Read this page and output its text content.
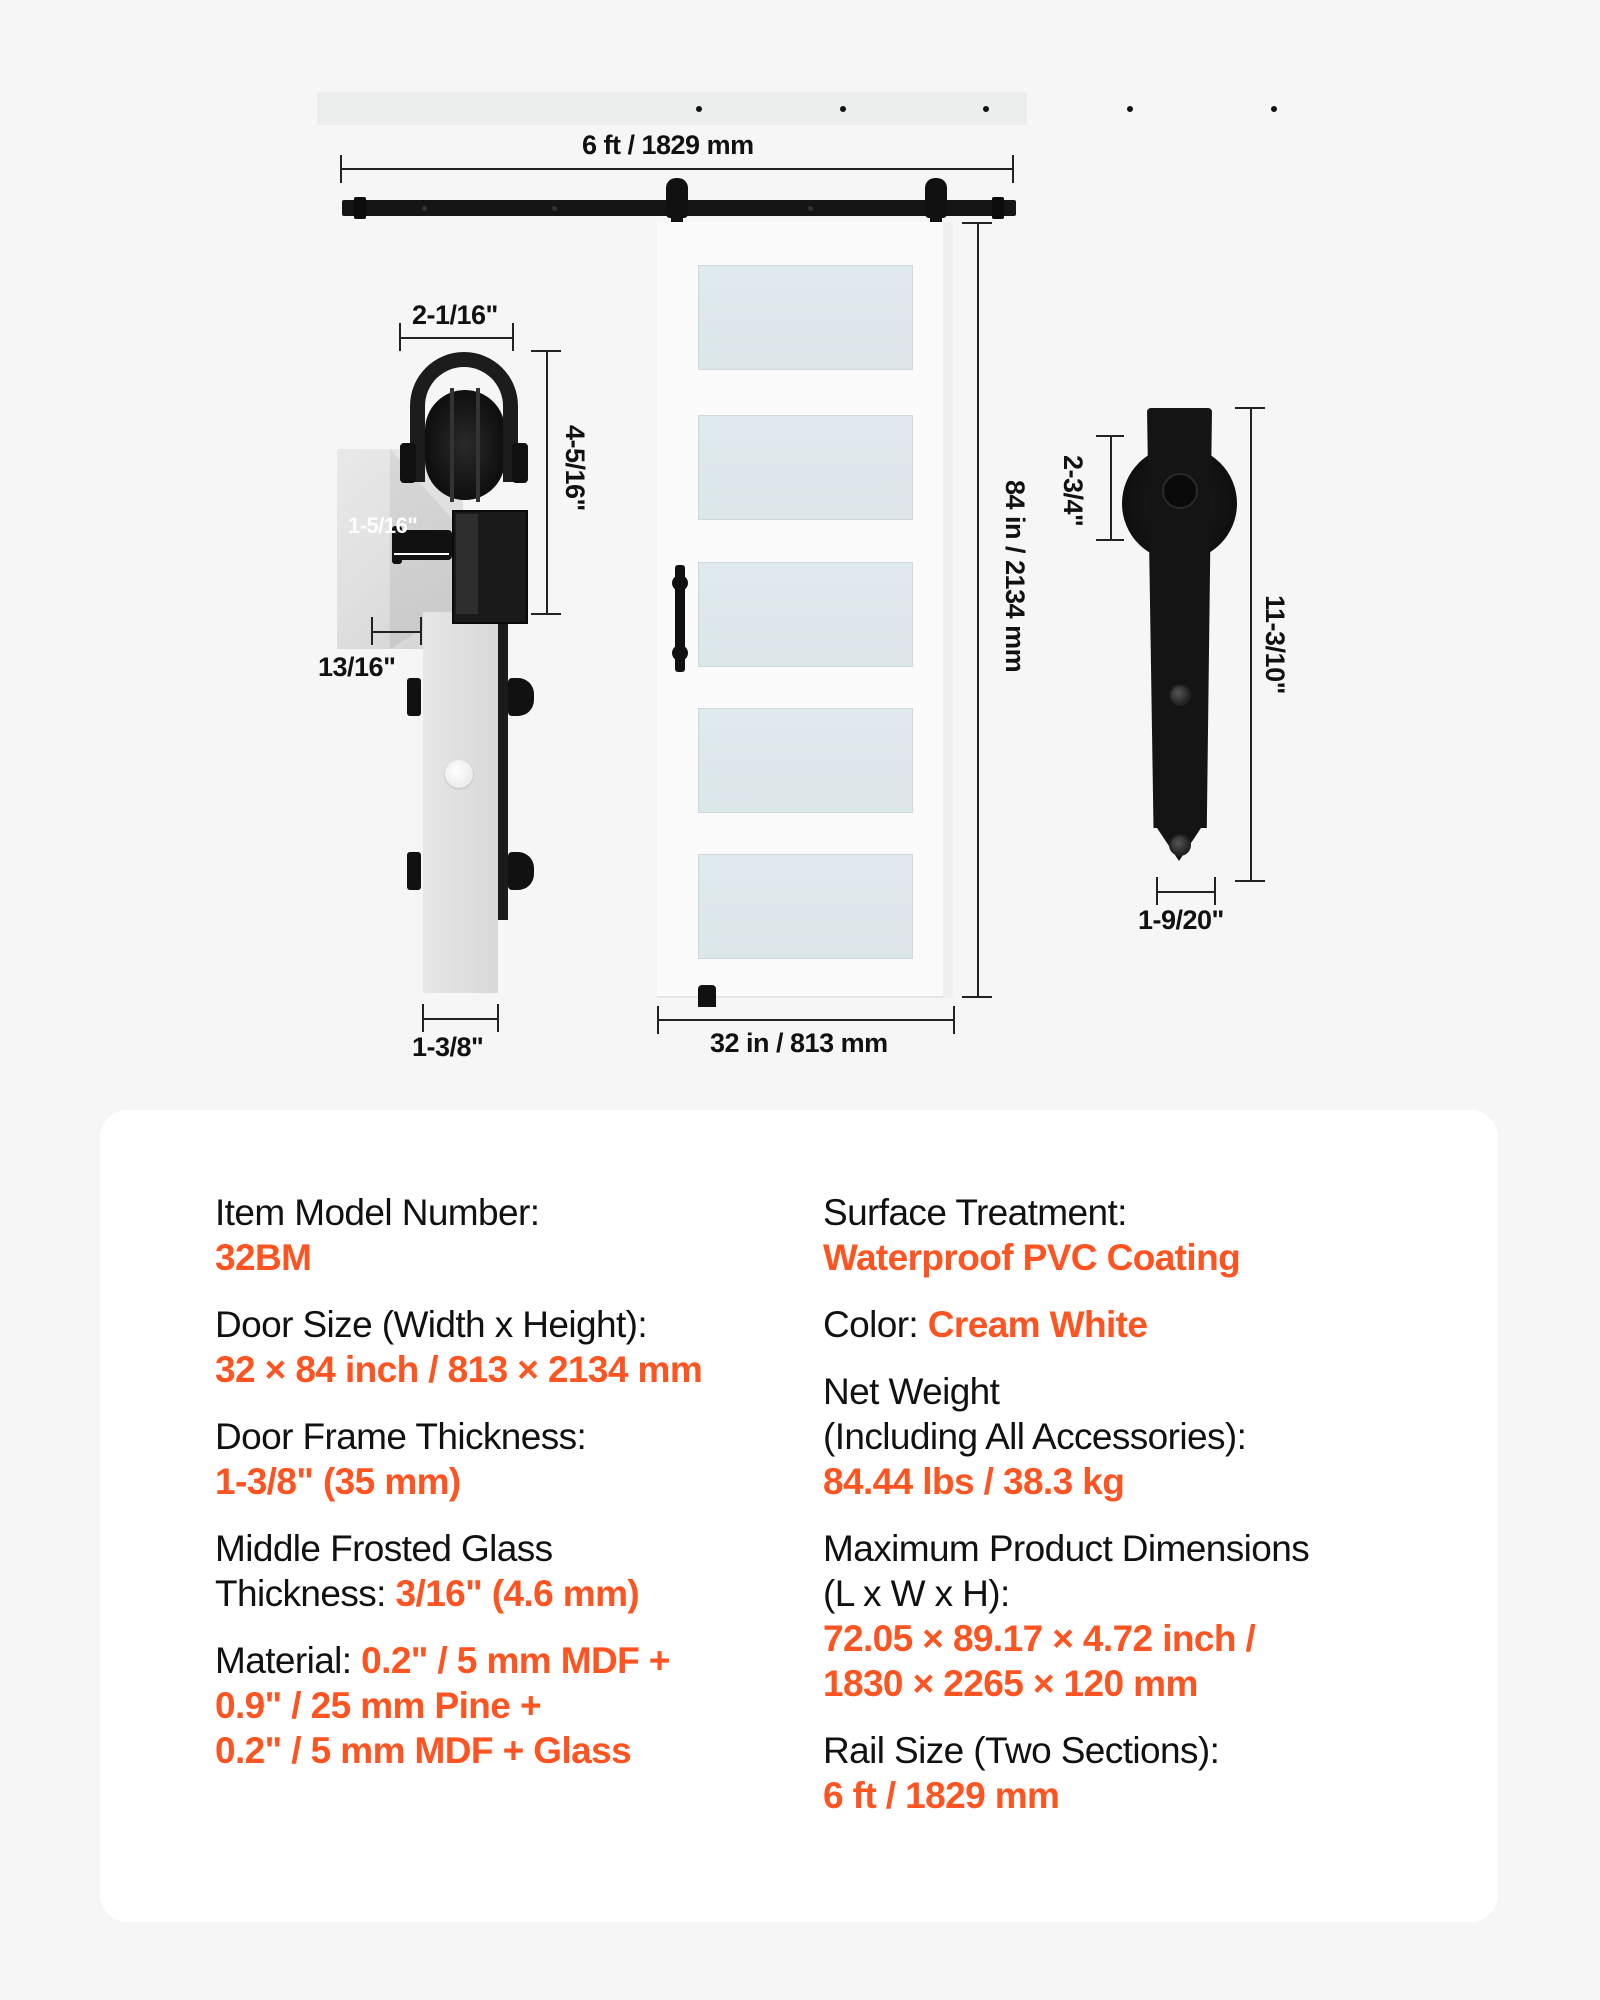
6 ft / 1829 mm
84 in / 2134 mm
32 in / 813 mm
2-1/16"
4-5/16"
1-5/16"
13/16"
1-3/8"
2-3/4"
11-3/10"
1-9/20"
Item Model Number:
32BM
Door Size (Width x Height):
32 × 84 inch / 813 × 2134 mm
Door Frame Thickness:
1-3/8" (35 mm)
Middle Frosted Glass
Thickness: 3/16" (4.6 mm)
Material: 0.2" / 5 mm MDF +
0.9" / 25 mm Pine +
0.2" / 5 mm MDF + Glass
Surface Treatment:
Waterproof PVC Coating
Color: Cream White
Net Weight
(Including All Accessories):
84.44 lbs / 38.3 kg
Maximum Product Dimensions
(L x W x H):
72.05 × 89.17 × 4.72 inch /
1830 × 2265 × 120 mm
Rail Size (Two Sections):
6 ft / 1829 mm
